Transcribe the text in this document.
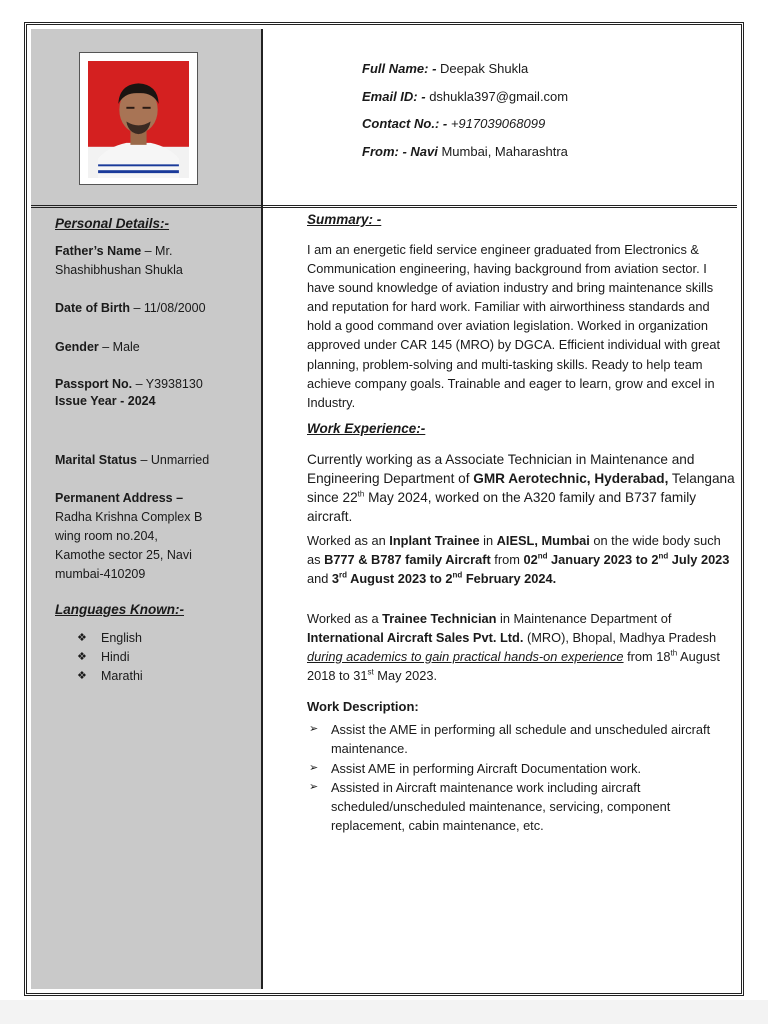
Full Name: - Deepak Shukla
Email ID: - dshukla397@gmail.com
Contact No.: - +917039068099
From: - Navi Mumbai, Maharashtra
Personal Details:-
Father’s Name – Mr.
Shashibhushan Shukla
Date of Birth – 11/08/2000
Gender – Male
Passport No. – Y3938130
Issue Year - 2024
Marital Status – Unmarried
Permanent Address –
Radha Krishna Complex B
wing room no.204,
Kamothe sector 25, Navi
mumbai-410209
Languages Known:-
❖ English
❖ Hindi
❖ Marathi
Summary: -
I am an energetic field service engineer graduated from Electronics & Communication engineering, having background from aviation sector. I have sound knowledge of aviation industry and bring maintenance skills and reputation for hard work. Familiar with airworthiness standards and hold a good command over aviation legislation. Worked in organization approved under CAR 145 (MRO) by DGCA. Efficient individual with great planning, problem-solving and multi-tasking skills. Ready to help team achieve company goals. Trainable and eager to learn, grow and excel in Industry.
Work Experience:-

Currently working as a Associate Technician in Maintenance and Engineering Department of GMR Aerotechnic, Hyderabad, Telangana since 22th May 2024, worked on the A320 family and B737 family aircraft.

Worked as an Inplant Trainee in AIESL, Mumbai on the wide body such as B777 & B787 family Aircraft from 02nd January 2023 to 2nd July 2023 and 3rd August 2023 to 2nd February 2024.

Worked as a Trainee Technician in Maintenance Department of International Aircraft Sales Pvt. Ltd. (MRO), Bhopal, Madhya Pradesh during academics to gain practical hands-on experience from 18th August 2018 to 31st May 2023.

Work Description:
➢ Assist the AME in performing all schedule and unscheduled aircraft maintenance.
➢ Assist AME in performing Aircraft Documentation work.
➢ Assisted in Aircraft maintenance work including aircraft scheduled/unscheduled maintenance, servicing, component replacement, cabin maintenance, etc.
